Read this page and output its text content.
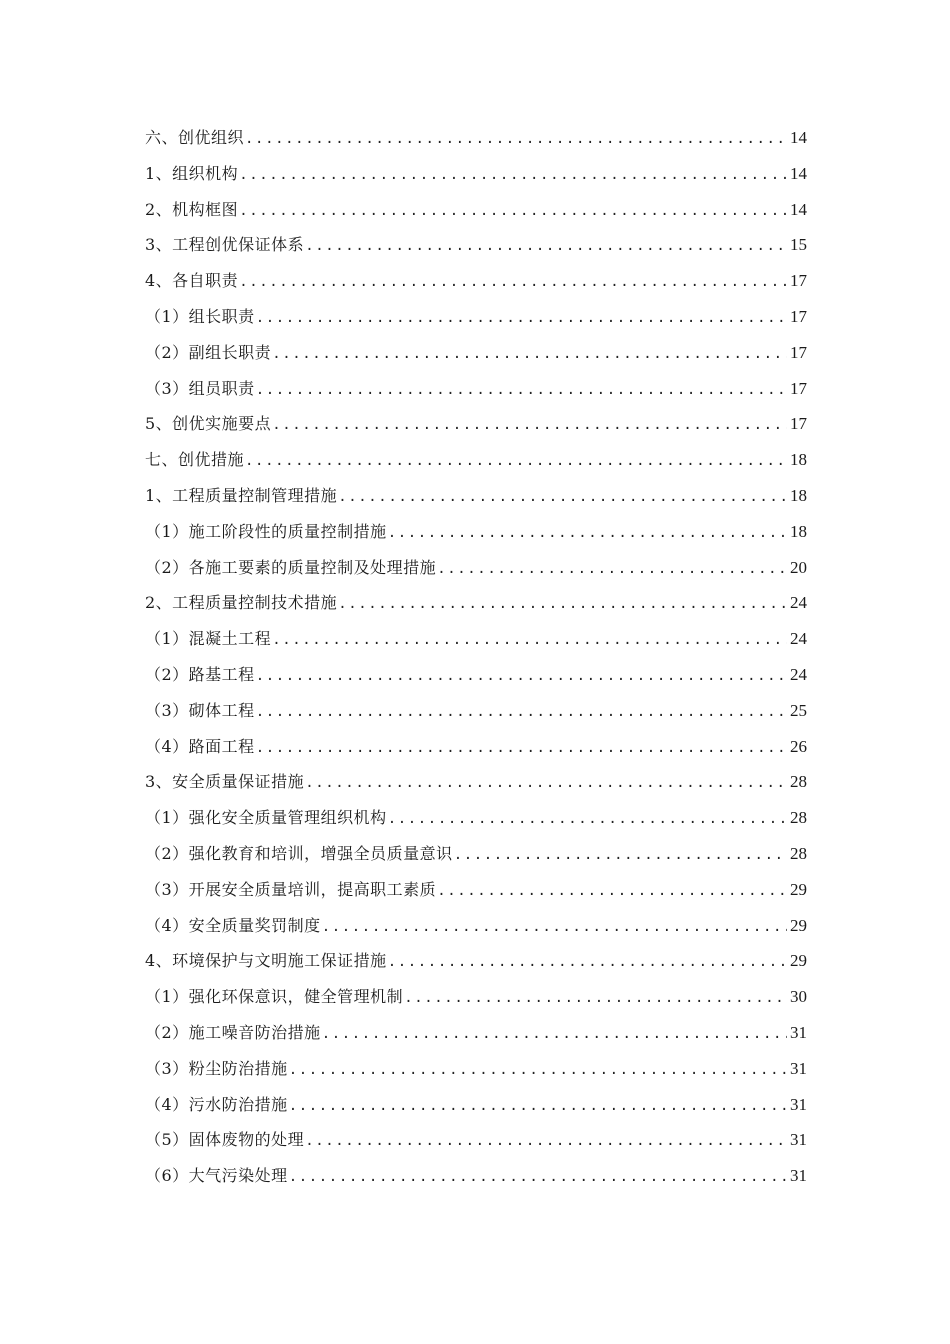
六、创优组织 .....	14
1、组织机构 .....	14
2、机构框图 .....	14
3、工程创优保证体系 .....	15
4、各自职责 .....	17
（1）组长职责 .....	17
（2）副组长职责 .....	17
（3）组员职责 .....	17
5、创优实施要点 .....	17
七、创优措施 .....	18
1、工程质量控制管理措施 .....	18
（1）施工阶段性的质量控制措施 .....	18
（2）各施工要素的质量控制及处理措施 .....	20
2、工程质量控制技术措施 .....	24
（1）混凝土工程 .....	24
（2）路基工程 .....	24
（3）砌体工程 .....	25
（4）路面工程 .....	26
3、安全质量保证措施 .....	28
（1）强化安全质量管理组织机构 .....	28
（2）强化教育和培训，增强全员质量意识 .....	28
（3）开展安全质量培训，提高职工素质 .....	29
（4）安全质量奖罚制度 .....	29
4、环境保护与文明施工保证措施 .....	29
（1）强化环保意识，健全管理机制 .....	30
（2）施工噪音防治措施 .....	31
（3）粉尘防治措施 .....	31
（4）污水防治措施 .....	31
（5）固体废物的处理 .....	31
（6）大气污染处理 .....	31
